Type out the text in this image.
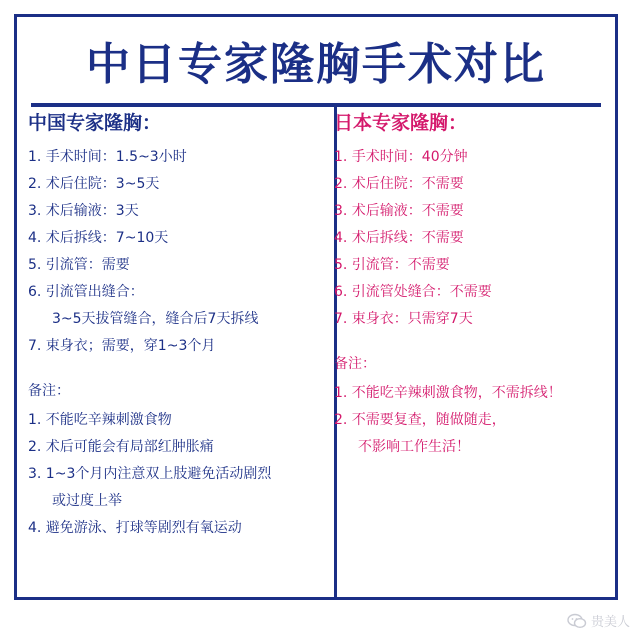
中日专家隆胸手术对比
中国专家隆胸：
1. 手术时间：1.5~3小时
2. 术后住院：3~5天
3. 术后输液：3天
4. 术后拆线：7~10天
5. 引流管：需要
6. 引流管出缝合：
3~5天拔管缝合，缝合后7天拆线
7. 束身衣；需要，穿1~3个月
备注：
1. 不能吃辛辣刺激食物
2. 术后可能会有局部红肿胀痛
3. 1~3个月内注意双上肢避免活动剧烈
或过度上举
4. 避免游泳、打球等剧烈有氧运动
日本专家隆胸：
1. 手术时间：40分钟
2. 术后住院：不需要
3. 术后输液：不需要
4. 术后拆线：不需要
5. 引流管：不需要
6. 引流管处缝合：不需要
7. 束身衣：只需穿7天
备注：
1. 不能吃辛辣刺激食物，不需拆线！
2. 不需要复查，随做随走，
不影响工作生活！
贵美人
